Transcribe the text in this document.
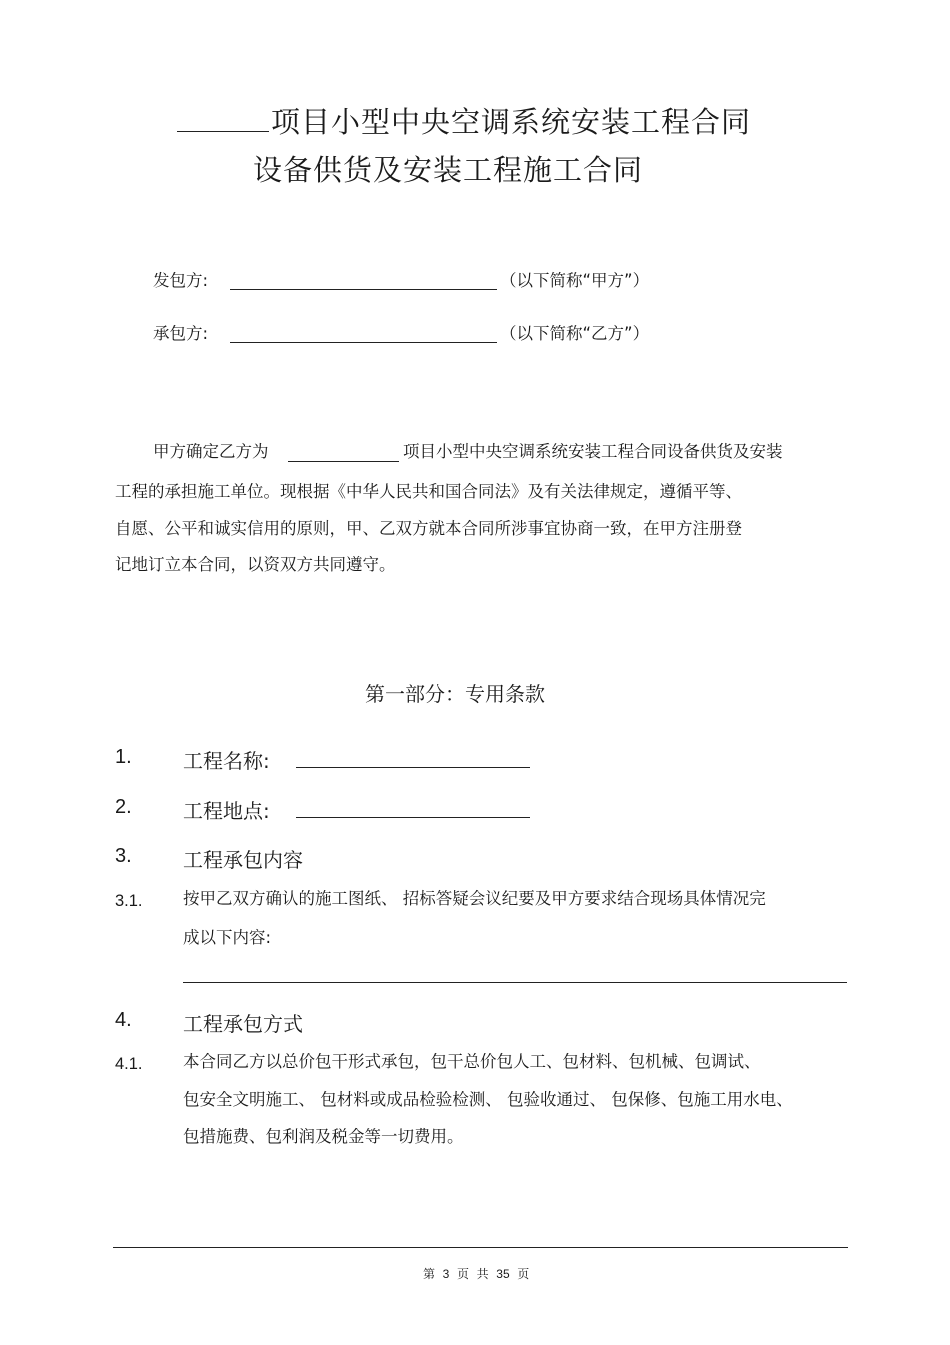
项目小型中央空调系统安装工程合同
设备供货及安装工程施工合同
发包方:	（以下简称“甲方”）
承包方:	（以下简称“乙方”）
甲方确定乙方为	项目小型中央空调系统安装工程合同设备供货及安装
工程的承担施工单位。现根据《中华人民共和国合同法》及有关法律规定，遵循平等、
自愿、公平和诚实信用的原则，甲、乙双方就本合同所涉事宜协商一致，在甲方注册登
记地订立本合同，以资双方共同遵守。
第一部分：专用条款
1.	工程名称:
2.	工程地点:
3.	工程承包内容
3.1. 按甲乙双方确认的施工图纸、 招标答疑会议纪要及甲方要求结合现场具体情况完
成以下内容:
4.	工程承包方式
4.1. 本合同乙方以总价包干形式承包，包干总价包人工、包材料、包机械、包调试、
包安全文明施工、 包材料或成品检验检测、 包验收通过、 包保修、包施工用水电、
包措施费、包利润及税金等一切费用。
第 3 页 共 35 页
